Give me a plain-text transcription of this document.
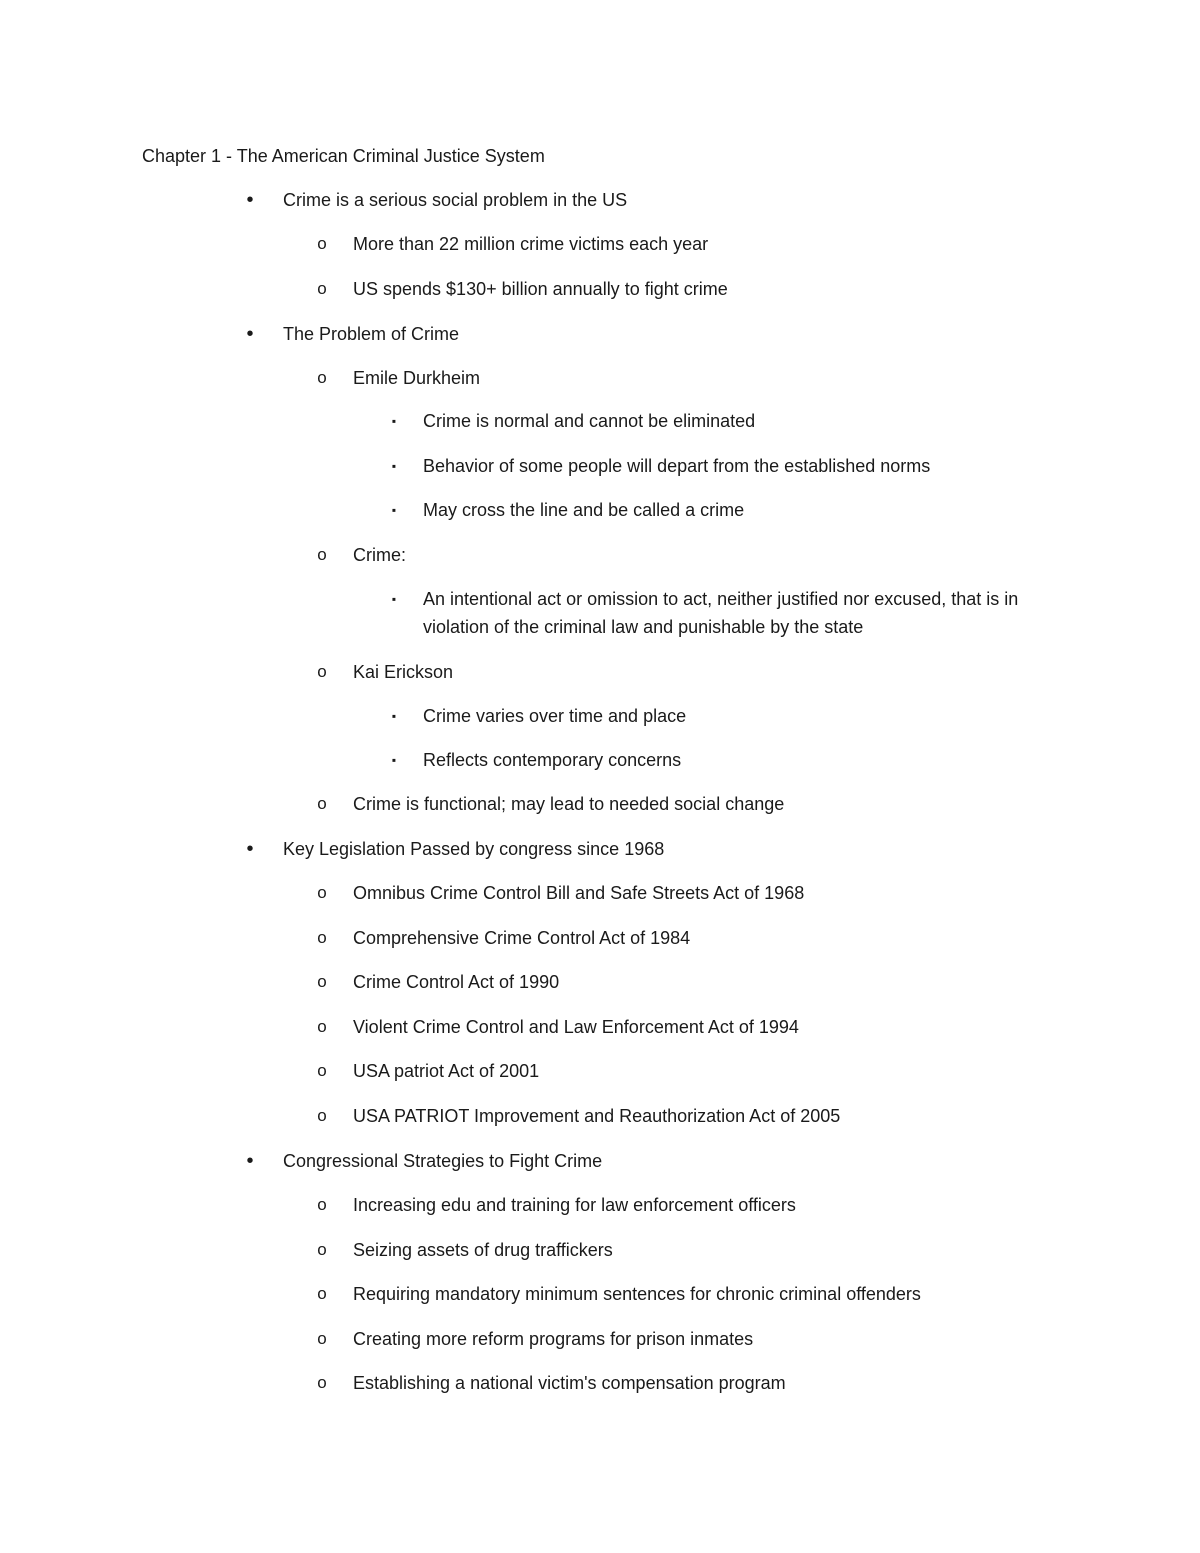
Chapter 1 - The American Criminal Justice System
•	Crime is a serious social problem in the US
o More than 22 million crime victims each year
o US spends $130+ billion annually to fight crime
•	The Problem of Crime
o Emile Durkheim
▪	Crime is normal and cannot be eliminated
▪	Behavior of some people will depart from the established norms
▪	May cross the line and be called a crime
o Crime:
▪	An intentional act or omission to act, neither justified nor excused, that is in violation of the criminal law and punishable by the state
o Kai Erickson
▪	Crime varies over time and place
▪	Reflects contemporary concerns
o Crime is functional; may lead to needed social change
•	Key Legislation Passed by congress since 1968
o Omnibus Crime Control Bill and Safe Streets Act of 1968
o Comprehensive Crime Control Act of 1984
o Crime Control Act of 1990
o Violent Crime Control and Law Enforcement Act of 1994
o USA patriot Act of 2001
o USA PATRIOT Improvement and Reauthorization Act of 2005
•	Congressional Strategies to Fight Crime
o Increasing edu and training for law enforcement officers
o Seizing assets of drug traffickers
o Requiring mandatory minimum sentences for chronic criminal offenders
o Creating more reform programs for prison inmates
o Establishing a national victim's compensation program
